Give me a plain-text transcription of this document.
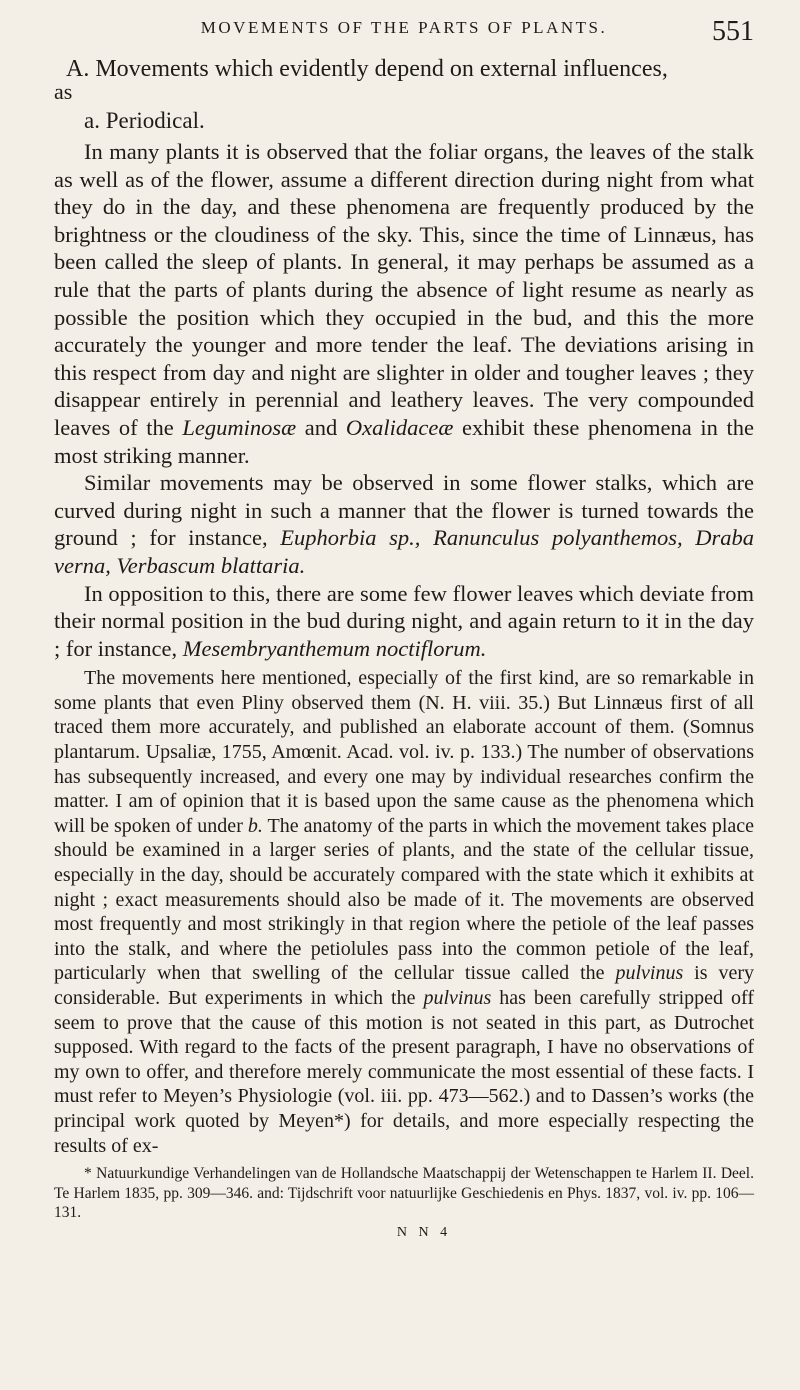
MOVEMENTS OF THE PARTS OF PLANTS.	551
A. Movements which evidently depend on external influences,
as
a. Periodical.

In many plants it is observed that the foliar organs, the leaves of the stalk as well as of the flower, assume a different direction during night from what they do in the day, and these phenomena are frequently produced by the brightness or the cloudiness of the sky. This, since the time of Linnæus, has been called the sleep of plants. In general, it may perhaps be assumed as a rule that the parts of plants during the absence of light resume as nearly as possible the position which they occupied in the bud, and this the more accurately the younger and more tender the leaf. The deviations arising in this respect from day and night are slighter in older and tougher leaves ; they disappear entirely in perennial and leathery leaves. The very compounded leaves of the Leguminosæ and Oxalidaceæ exhibit these phenomena in the most striking manner.

Similar movements may be observed in some flower stalks, which are curved during night in such a manner that the flower is turned towards the ground ; for instance, Euphorbia sp., Ranunculus polyanthemos, Draba verna, Verbascum blattaria.

In opposition to this, there are some few flower leaves which deviate from their normal position in the bud during night, and again return to it in the day ; for instance, Mesembryanthemum noctiflorum.

The movements here mentioned, especially of the first kind, are so remarkable in some plants that even Pliny observed them (N. H. viii. 35.) But Linnæus first of all traced them more accurately, and published an elaborate account of them. (Somnus plantarum. Upsaliæ, 1755, Amœnit. Acad. vol. iv. p. 133.) The number of observations has subsequently increased, and every one may by individual researches confirm the matter. I am of opinion that it is based upon the same cause as the phenomena which will be spoken of under b. The anatomy of the parts in which the movement takes place should be examined in a larger series of plants, and the state of the cellular tissue, especially in the day, should be accurately compared with the state which it exhibits at night ; exact measurements should also be made of it. The movements are observed most frequently and most strikingly in that region where the petiole of the leaf passes into the stalk, and where the petiolules pass into the common petiole of the leaf, particularly when that swelling of the cellular tissue called the pulvinus is very considerable. But experiments in which the pulvinus has been carefully stripped off seem to prove that the cause of this motion is not seated in this part, as Dutrochet supposed. With regard to the facts of the present paragraph, I have no observations of my own to offer, and therefore merely communicate the most essential of these facts. I must refer to Meyen’s Physiologie (vol. iii. pp. 473—562.) and to Dassen’s works (the principal work quoted by Meyen*) for details, and more especially respecting the results of ex-

* Natuurkundige Verhandelingen van de Hollandsche Maatschappij der Wetenschappen te Harlem II. Deel. Te Harlem 1835, pp. 309—346. and: Tijdschrift voor natuurlijke Geschiedenis en Phys. 1837, vol. iv. pp. 106—131.
N N 4
